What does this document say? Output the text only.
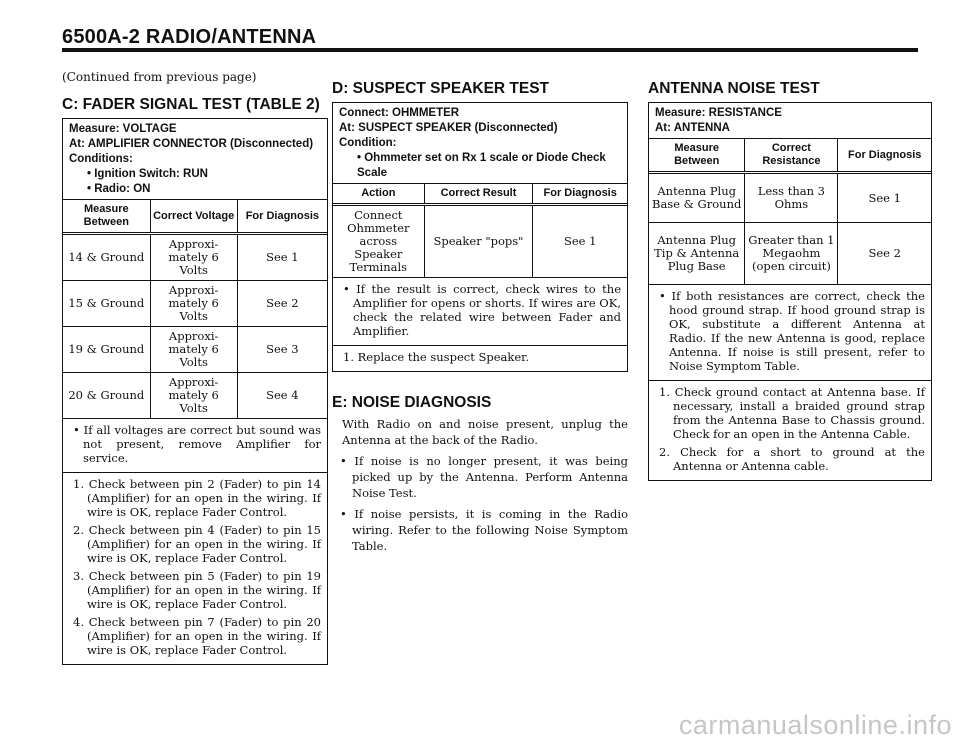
6500A-2 RADIO/ANTENNA

(Continued from previous page)

C: FADER SIGNAL TEST (TABLE 2)
Measure: VOLTAGE
At: AMPLIFIER CONNECTOR (Disconnected)
Conditions:
• Ignition Switch: RUN
• Radio: ON
Measure Between	Correct Voltage	For Diagnosis
14 & Ground	Approxi-mately 6 Volts	See 1
15 & Ground	Approxi-mately 6 Volts	See 2
19 & Ground	Approxi-mately 6 Volts	See 3
20 & Ground	Approxi-mately 6 Volts	See 4

• If all voltages are correct but sound was not present, remove Amplifier for service.

1. Check between pin 2 (Fader) to pin 14 (Amplifier) for an open in the wiring. If wire is OK, replace Fader Control.

2. Check between pin 4 (Fader) to pin 15 (Amplifier) for an open in the wiring. If wire is OK, replace Fader Control.

3. Check between pin 5 (Fader) to pin 19 (Amplifier) for an open in the wiring. If wire is OK, replace Fader Control.

4. Check between pin 7 (Fader) to pin 20 (Amplifier) for an open in the wiring. If wire is OK, replace Fader Control.

D: SUSPECT SPEAKER TEST
Connect: OHMMETER
At: SUSPECT SPEAKER (Disconnected)
Condition:
• Ohmmeter set on Rx 1 scale or Diode Check Scale
Action	Correct Result	For Diagnosis
Connect Ohmmeter across Speaker Terminals	Speaker "pops"	See 1

• If the result is correct, check wires to the Amplifier for opens or shorts. If wires are OK, check the related wire between Fader and Amplifier.

1. Replace the suspect Speaker.

E: NOISE DIAGNOSIS

With Radio on and noise present, unplug the Antenna at the back of the Radio.

• If noise is no longer present, it was being picked up by the Antenna. Perform Antenna Noise Test.

• If noise persists, it is coming in the Radio wiring. Refer to the following Noise Symptom Table.

ANTENNA NOISE TEST
Measure: RESISTANCE
At: ANTENNA
Measure Between	Correct Resistance	For Diagnosis
Antenna Plug Base & Ground	Less than 3 Ohms	See 1
Antenna Plug Tip & Antenna Plug Base	Greater than 1 Megaohm (open circuit)	See 2

• If both resistances are correct, check the hood ground strap. If hood ground strap is OK, substitute a different Antenna at Radio. If the new Antenna is good, replace Antenna. If noise is still present, refer to Noise Symptom Table.

1. Check ground contact at Antenna base. If necessary, install a braided ground strap from the Antenna Base to Chassis ground. Check for an open in the Antenna Cable.

2. Check for a short to ground at the Antenna or Antenna cable.

carmanualsonline.info
